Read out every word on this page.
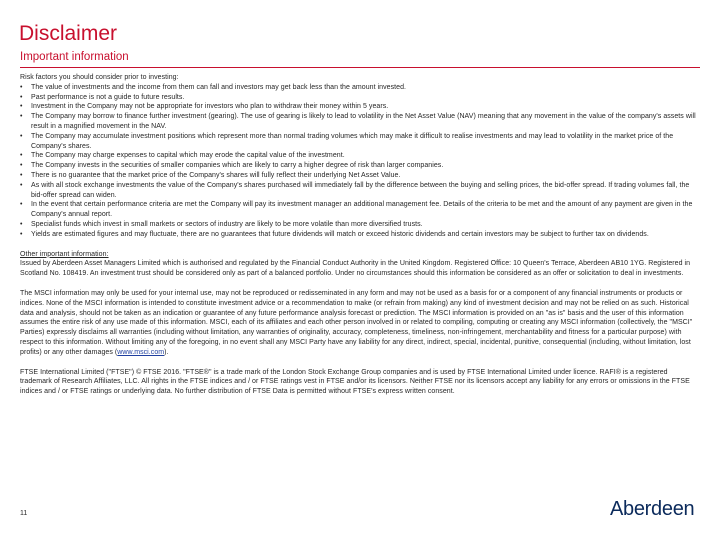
Disclaimer
Important information

Risk factors you should consider prior to investing:

• The value of investments and the income from them can fall and investors may get back less than the amount invested.
• Past performance is not a guide to future results.
• Investment in the Company may not be appropriate for investors who plan to withdraw their money within 5 years.
• The Company may borrow to finance further investment (gearing). The use of gearing is likely to lead to volatility in the Net Asset Value (NAV) meaning that any movement in the value of the company's assets will result in a magnified movement in the NAV.
• The Company may accumulate investment positions which represent more than normal trading volumes which may make it difficult to realise investments and may lead to volatility in the market price of the Company's shares.
• The Company may charge expenses to capital which may erode the capital value of the investment.
• The Company invests in the securities of smaller companies which are likely to carry a higher degree of risk than larger companies.
• There is no guarantee that the market price of the Company's shares will fully reflect their underlying Net Asset Value.
• As with all stock exchange investments the value of the Company's shares purchased will immediately fall by the difference between the buying and selling prices, the bid-offer spread. If trading volumes fall, the bid-offer spread can widen.
• In the event that certain performance criteria are met the Company will pay its investment manager an additional management fee. Details of the criteria to be met and the amount of any payment are given in the Company's annual report.
• Specialist funds which invest in small markets or sectors of industry are likely to be more volatile than more diversified trusts.
• Yields are estimated figures and may fluctuate, there are no guarantees that future dividends will match or exceed historic dividends and certain investors may be subject to further tax on dividends.

Other important information:

Issued by Aberdeen Asset Managers Limited which is authorised and regulated by the Financial Conduct Authority in the United Kingdom. Registered Office: 10 Queen's Terrace, Aberdeen AB10 1YG. Registered in Scotland No. 108419. An investment trust should be considered only as part of a balanced portfolio. Under no circumstances should this information be considered as an offer or solicitation to deal in investments.

The MSCI information may only be used for your internal use, may not be reproduced or redisseminated in any form and may not be used as a basis for or a component of any financial instruments or products or indices. None of the MSCI information is intended to constitute investment advice or a recommendation to make (or refrain from making) any kind of investment decision and may not be relied on as such. Historical data and analysis, should not be taken as an indication or guarantee of any future performance analysis forecast or prediction. The MSCI information is provided on an "as is" basis and the user of this information assumes the entire risk of any use made of this information. MSCI, each of its affiliates and each other person involved in or related to compiling, computing or creating any MSCI information (collectively, the "MSCI" Parties) expressly disclaims all warranties (including without limitation, any warranties of originality, accuracy, completeness, timeliness, non-infringement, merchantability and fitness for a particular purpose) with respect to this information. Without limiting any of the foregoing, in no event shall any MSCI Party have any liability for any direct, indirect, special, incidental, punitive, consequential (including, without limitation, lost profits) or any other damages (www.msci.com).

FTSE International Limited ("FTSE") © FTSE 2016. "FTSE®" is a trade mark of the London Stock Exchange Group companies and is used by FTSE International Limited under licence. RAFI® is a registered trademark of Research Affiliates, LLC. All rights in the FTSE indices and / or FTSE ratings vest in FTSE and/or its licensors. Neither FTSE nor its licensors accept any liability for any errors or omissions in the FTSE indices and / or FTSE ratings or underlying data. No further distribution of FTSE Data is permitted without FTSE's express written consent.

11	Aberdeen
